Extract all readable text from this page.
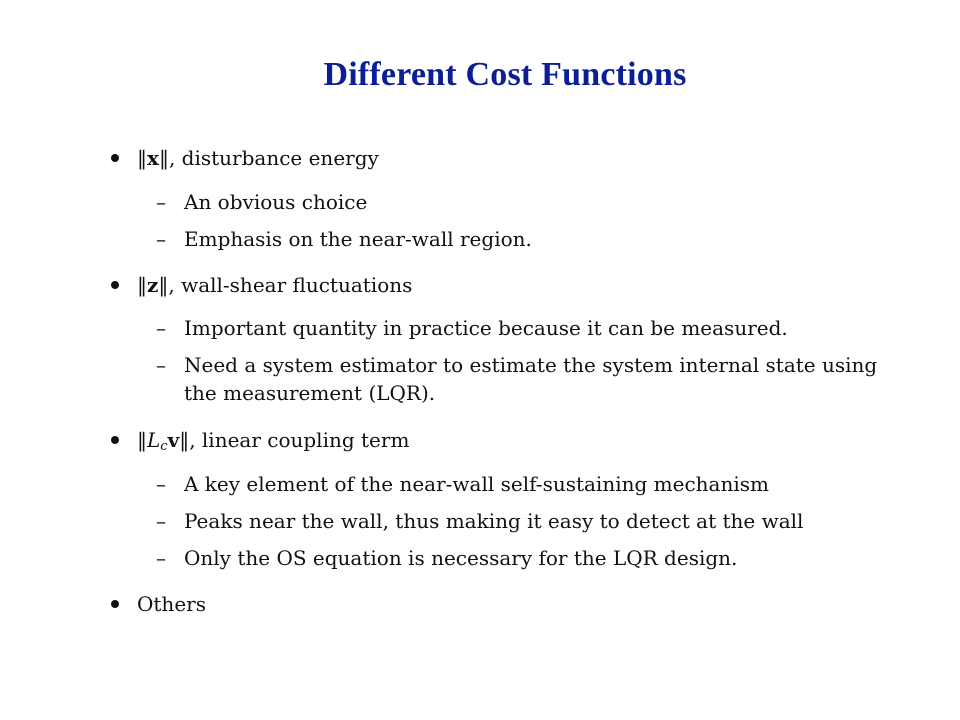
Different Cost Functions
‖x‖, disturbance energy
– An obvious choice
– Emphasis on the near-wall region.
‖z‖, wall-shear fluctuations
– Important quantity in practice because it can be measured.
– Need a system estimator to estimate the system internal state using
the measurement (LQR).
$‖L_cv‖$, linear coupling term
– A key element of the near-wall self-sustaining mechanism
– Peaks near the wall, thus making it easy to detect at the wall
– Only the OS equation is necessary for the LQR design.
Others
